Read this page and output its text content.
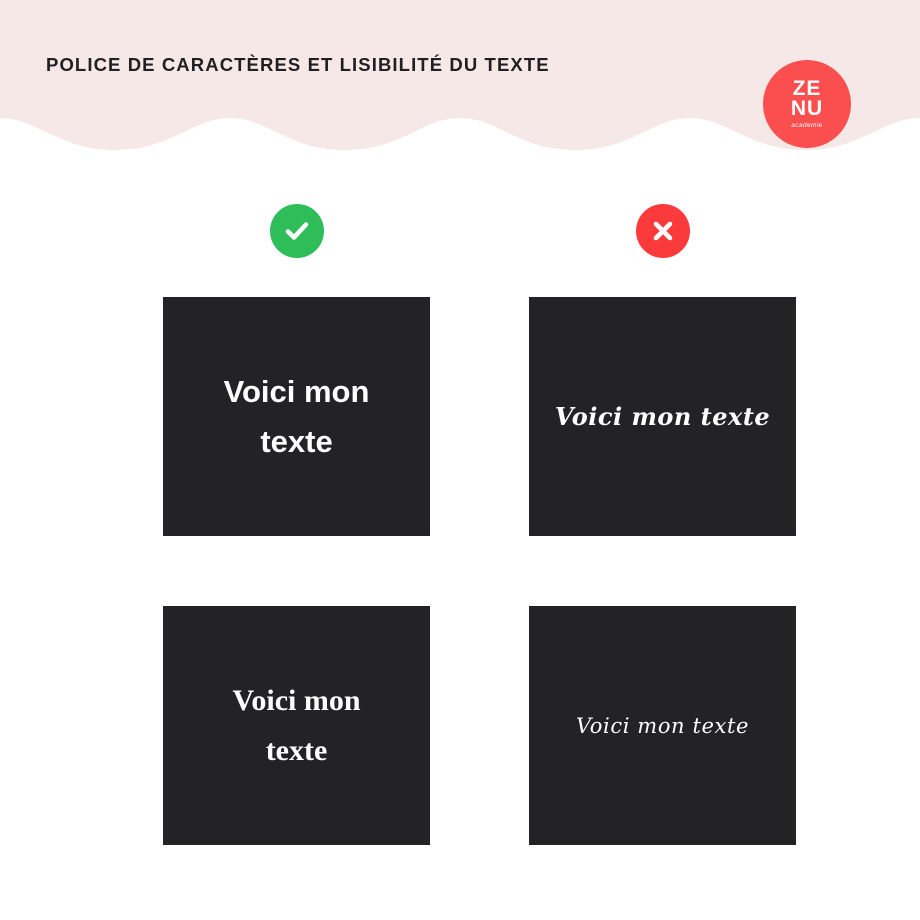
POLICE DE CARACTÈRES ET LISIBILITÉ DU TEXTE
ZE
NU
academie
Voici mon texte
Voici mon texte
Voici mon texte
Voici mon texte
